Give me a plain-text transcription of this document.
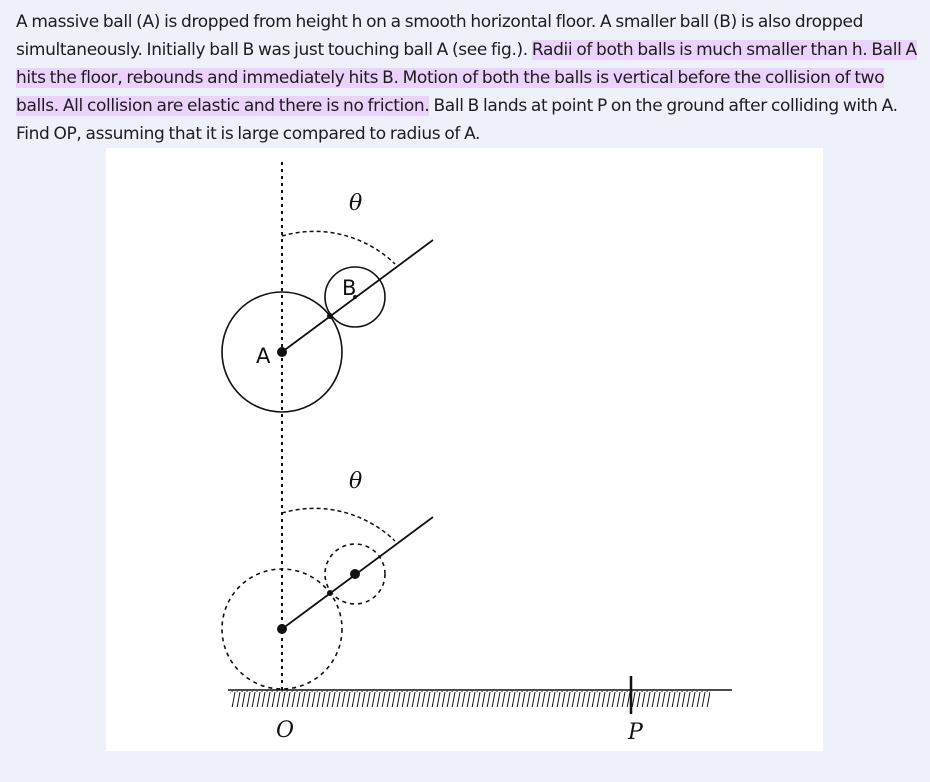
A massive ball (A) is dropped from height h on a smooth horizontal floor. A smaller ball (B) is also dropped simultaneously. Initially ball B was just touching ball A (see fig.). Radii of both balls is much smaller than h. Ball A hits the floor, rebounds and immediately hits B. Motion of both the balls is vertical before the collision of two balls. All collision are elastic and there is no friction. Ball B lands at point P on the ground after colliding with A. Find OP, assuming that it is large compared to radius of A.
θ
A
B
θ
O	P
